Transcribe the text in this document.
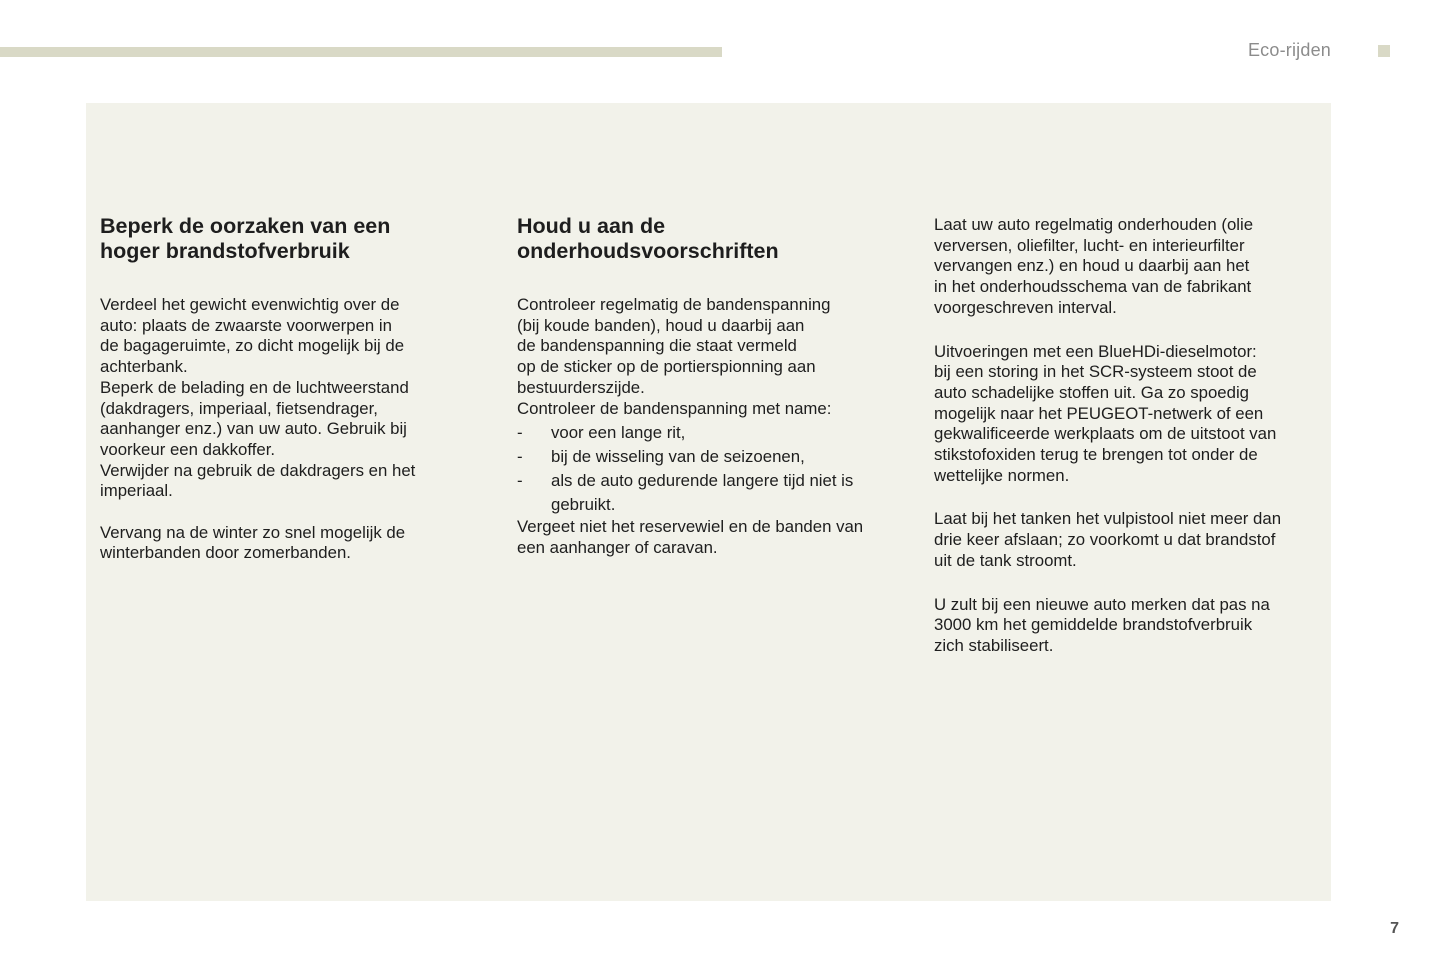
Eco-rijden
Beperk de oorzaken van een
hoger brandstofverbruik

Verdeel het gewicht evenwichtig over de
auto: plaats de zwaarste voorwerpen in
de bagageruimte, zo dicht mogelijk bij de
achterbank.
Beperk de belading en de luchtweerstand
(dakdragers, imperiaal, fietsendrager,
aanhanger enz.) van uw auto. Gebruik bij
voorkeur een dakkoffer.
Verwijder na gebruik de dakdragers en het
imperiaal.

Vervang na de winter zo snel mogelijk de
winterbanden door zomerbanden.

Houd u aan de
onderhoudsvoorschriften

Controleer regelmatig de bandenspanning
(bij koude banden), houd u daarbij aan
de bandenspanning die staat vermeld
op de sticker op de portierspionning aan
bestuurderszijde.
Controleer de bandenspanning met name:

- voor een lange rit,
- bij de wisseling van de seizoenen,
- als de auto gedurende langere tijd niet is
gebruikt.

Vergeet niet het reservewiel en de banden van
een aanhanger of caravan.

Laat uw auto regelmatig onderhouden (olie
verversen, oliefilter, lucht- en interieurfilter
vervangen enz.) en houd u daarbij aan het
in het onderhoudsschema van de fabrikant
voorgeschreven interval.

Uitvoeringen met een BlueHDi-dieselmotor:
bij een storing in het SCR-systeem stoot de
auto schadelijke stoffen uit. Ga zo spoedig
mogelijk naar het PEUGEOT-netwerk of een
gekwalificeerde werkplaats om de uitstoot van
stikstofoxiden terug te brengen tot onder de
wettelijke normen.

Laat bij het tanken het vulpistool niet meer dan
drie keer afslaan; zo voorkomt u dat brandstof
uit de tank stroomt.

U zult bij een nieuwe auto merken dat pas na
3000 km het gemiddelde brandstofverbruik
zich stabiliseert.

7
